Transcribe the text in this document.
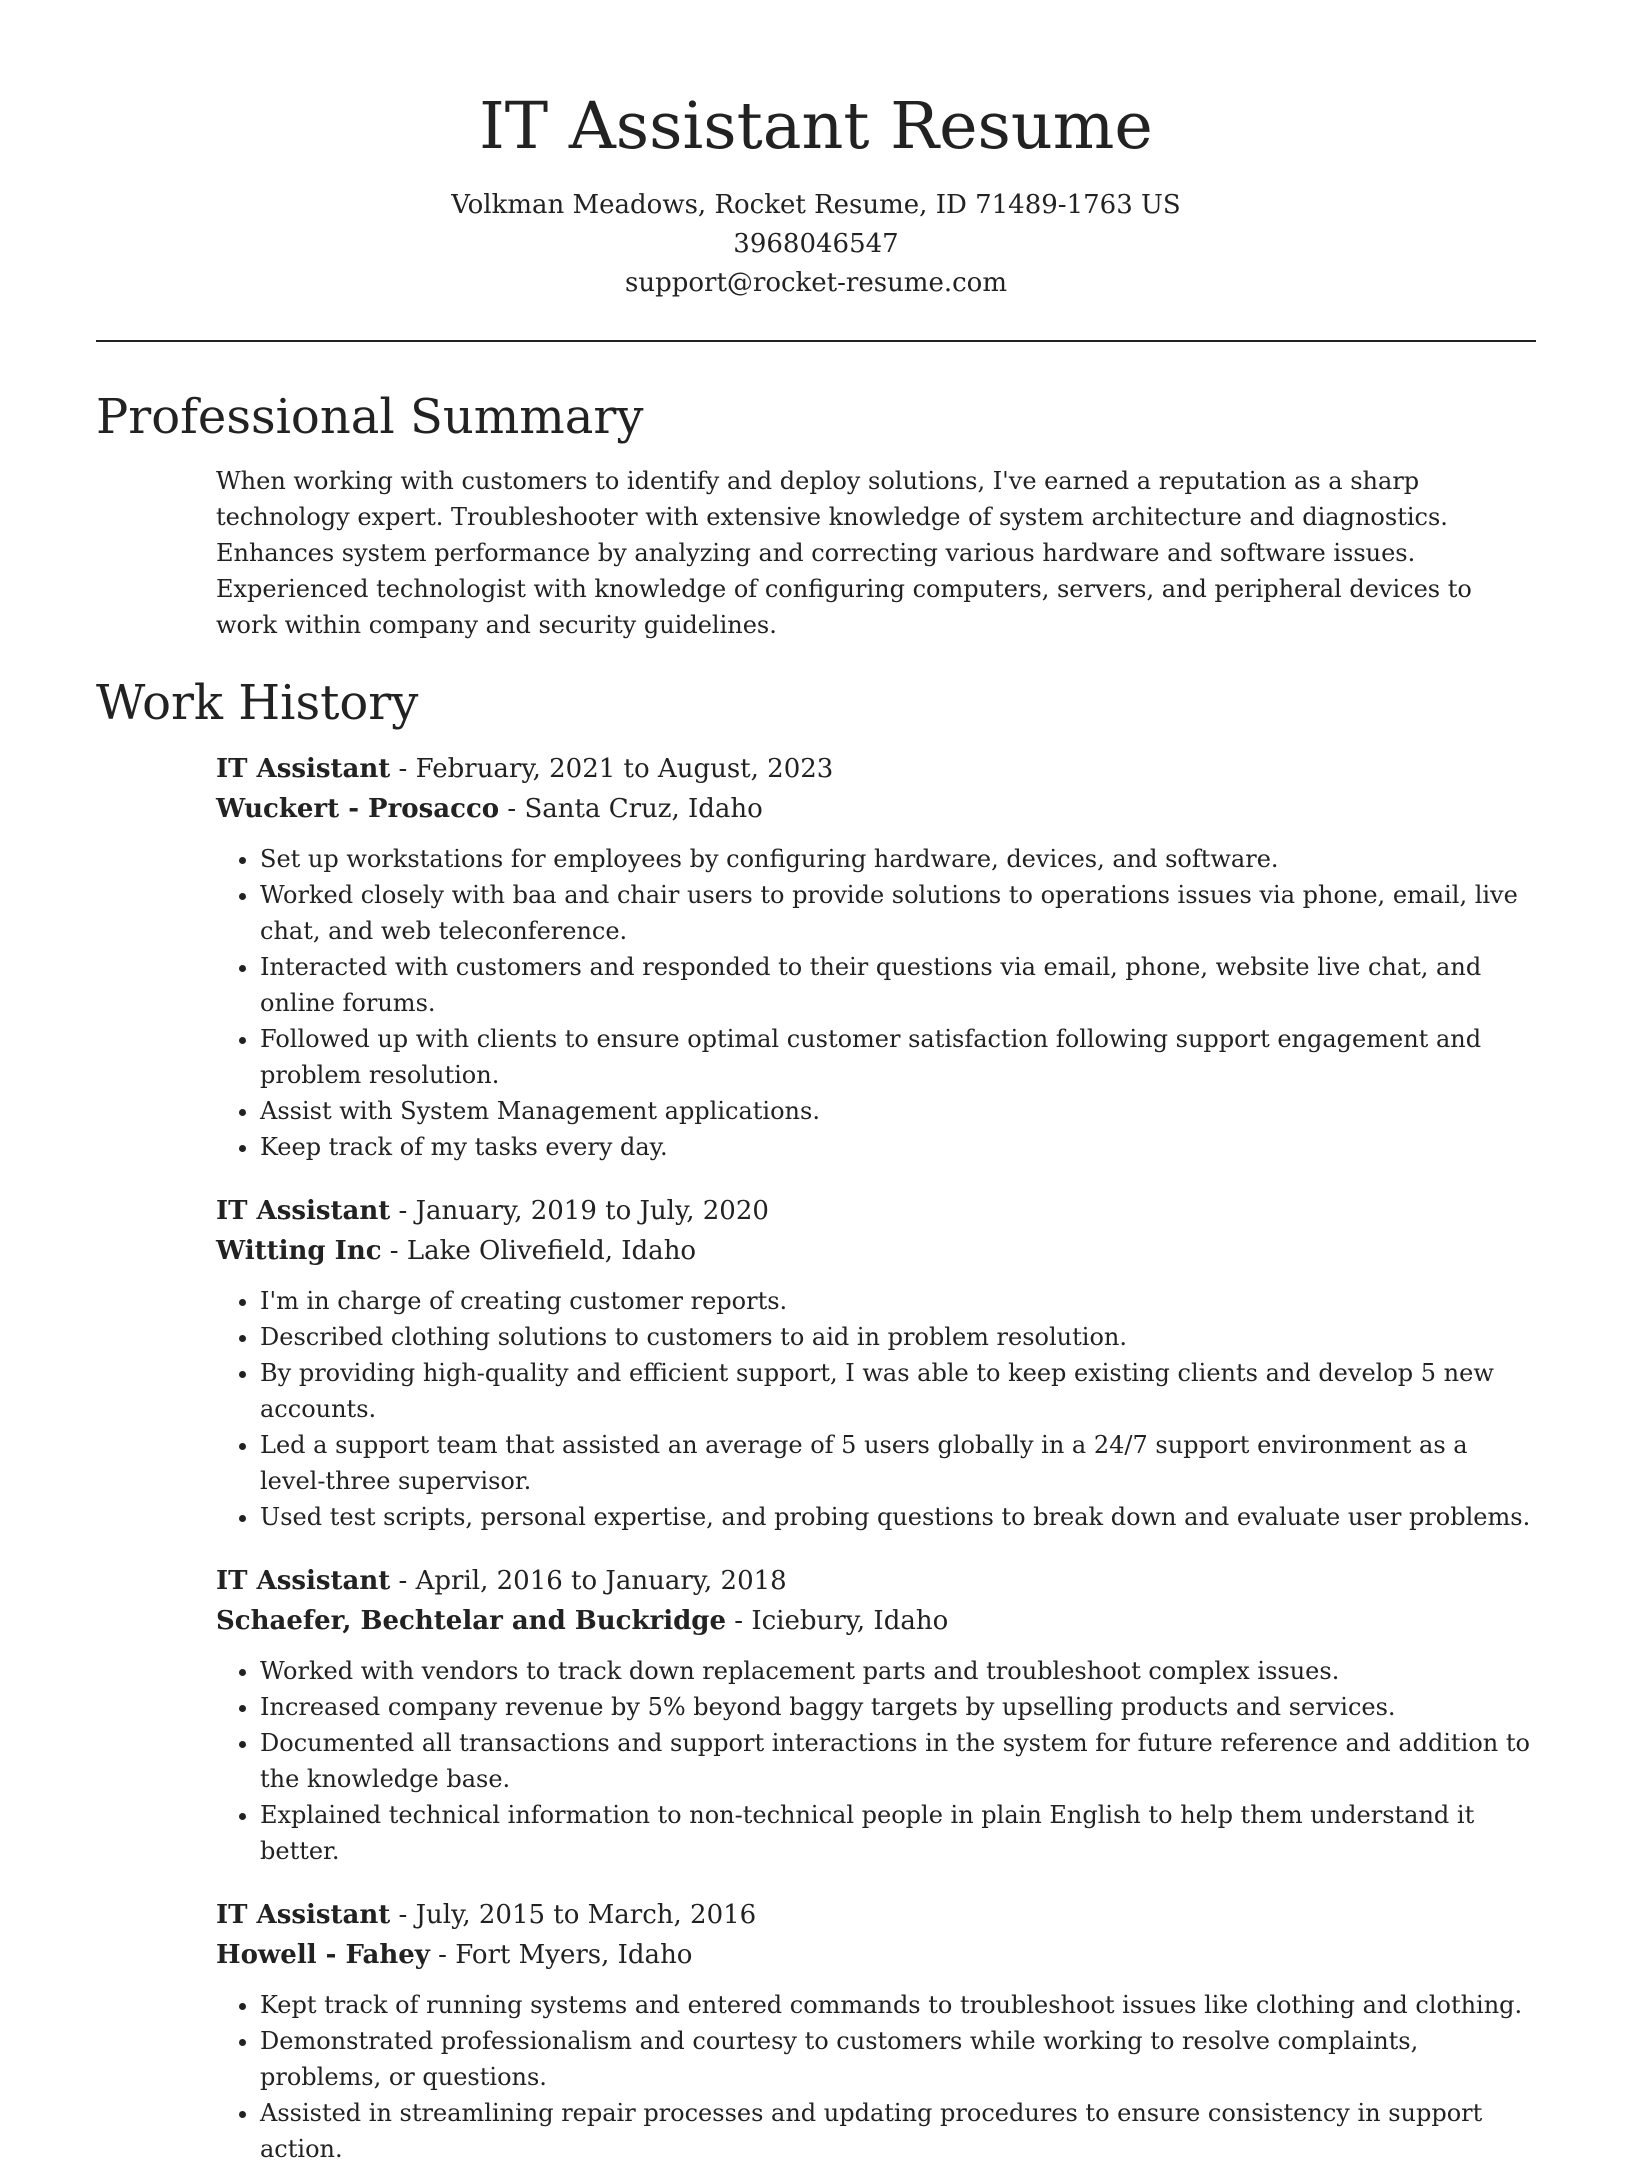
IT Assistant Resume

Volkman Meadows, Rocket Resume, ID 71489-1763 US

3968046547

support@rocket-resume.com

Professional Summary

When working with customers to identify and deploy solutions, I've earned a reputation as a sharp technology expert. Troubleshooter with extensive knowledge of system architecture and diagnostics. Enhances system performance by analyzing and correcting various hardware and software issues. Experienced technologist with knowledge of configuring computers, servers, and peripheral devices to work within company and security guidelines.

Work History

IT Assistant - February, 2021 to August, 2023

Wuckert - Prosacco - Santa Cruz, Idaho

• Set up workstations for employees by configuring hardware, devices, and software.
• Worked closely with baa and chair users to provide solutions to operations issues via phone, email, live chat, and web teleconference.
• Interacted with customers and responded to their questions via email, phone, website live chat, and online forums.
• Followed up with clients to ensure optimal customer satisfaction following support engagement and problem resolution.
• Assist with System Management applications.
• Keep track of my tasks every day.

IT Assistant - January, 2019 to July, 2020

Witting Inc - Lake Olivefield, Idaho

• I'm in charge of creating customer reports.
• Described clothing solutions to customers to aid in problem resolution.
• By providing high-quality and efficient support, I was able to keep existing clients and develop 5 new accounts.
• Led a support team that assisted an average of 5 users globally in a 24/7 support environment as a level-three supervisor.
• Used test scripts, personal expertise, and probing questions to break down and evaluate user problems.

IT Assistant - April, 2016 to January, 2018

Schaefer, Bechtelar and Buckridge - Iciebury, Idaho

• Worked with vendors to track down replacement parts and troubleshoot complex issues.
• Increased company revenue by 5% beyond baggy targets by upselling products and services.
• Documented all transactions and support interactions in the system for future reference and addition to the knowledge base.
• Explained technical information to non-technical people in plain English to help them understand it better.

IT Assistant - July, 2015 to March, 2016

Howell - Fahey - Fort Myers, Idaho

• Kept track of running systems and entered commands to troubleshoot issues like clothing and clothing.
• Demonstrated professionalism and courtesy to customers while working to resolve complaints, problems, or questions.
• Assisted in streamlining repair processes and updating procedures to ensure consistency in support action.
